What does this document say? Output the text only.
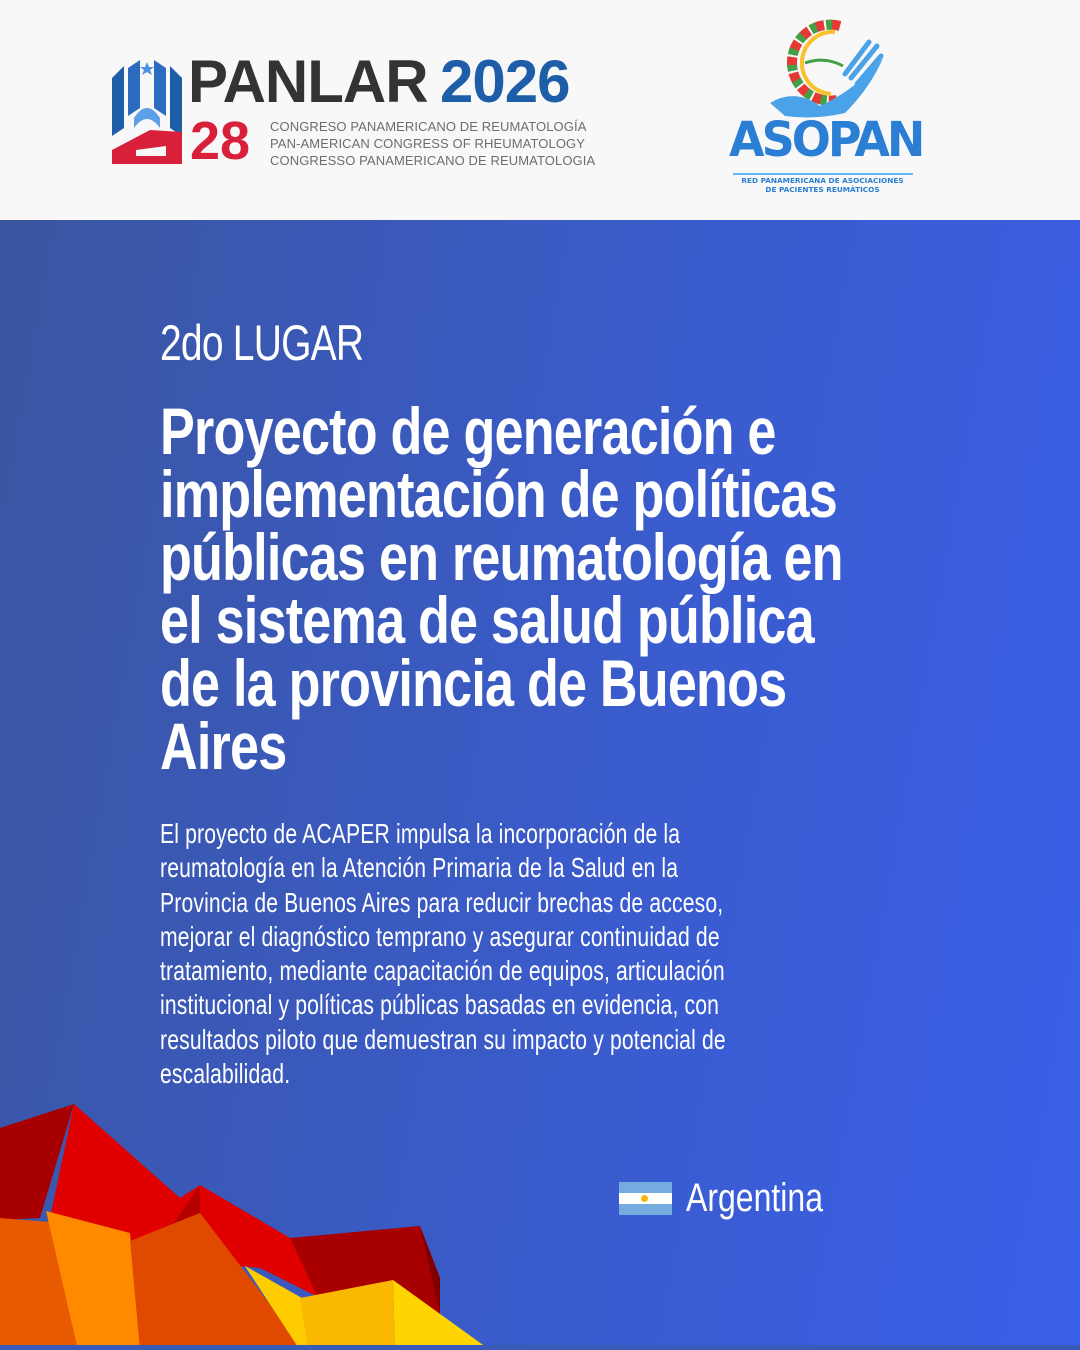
PANLAR 2026
28 CONGRESO PANAMERICANO DE REUMATOLOGÍA
PAN-AMERICAN CONGRESS OF RHEUMATOLOGY
CONGRESSO PANAMERICANO DE REUMATOLOGIA	ASOPAN
RED PANAMERICANA DE ASOCIACIONES
DE PACIENTES REUMÁTICOS
2do LUGAR
Proyecto de generación e
implementación de políticas
públicas en reumatología en
el sistema de salud pública
de la provincia de Buenos
Aires

El proyecto de ACAPER impulsa la incorporación de la
reumatología en la Atención Primaria de la Salud en la
Provincia de Buenos Aires para reducir brechas de acceso,
mejorar el diagnóstico temprano y asegurar continuidad de
tratamiento, mediante capacitación de equipos, articulación
institucional y políticas públicas basadas en evidencia, con
resultados piloto que demuestran su impacto y potencial de
escalabilidad.

Argentina
